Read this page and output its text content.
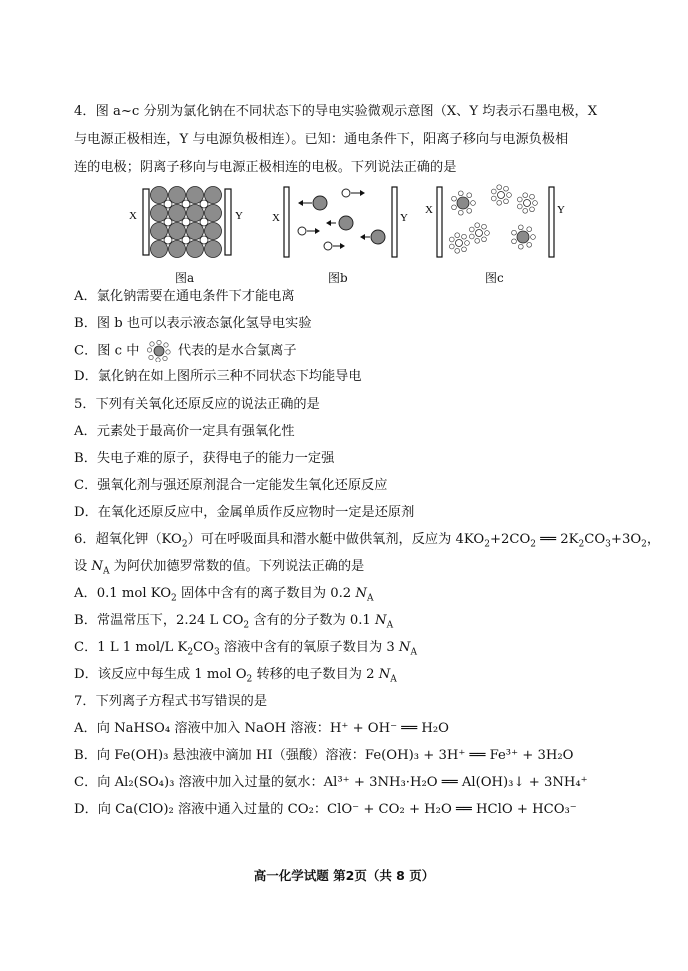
4．图 a~c 分别为氯化钠在不同状态下的导电实验微观示意图（X、Y 均表示石墨电极，X
与电源正极相连，Y 与电源负极相连）。已知：通电条件下，阳离子移向与电源负极相
连的电极；阴离子移向与电源正极相连的电极。下列说法正确的是
X	Y
图a
X	Y
图b
X	Y
图c
A．氯化钠需要在通电条件下才能电离
B．图 b 也可以表示液态氯化氢导电实验
C．图 c 中	代表的是水合氯离子
D．氯化钠在如上图所示三种不同状态下均能导电
5．下列有关氧化还原反应的说法正确的是
A．元素处于最高价一定具有强氧化性
B．失电子难的原子，获得电子的能力一定强
C．强氧化剂与强还原剂混合一定能发生氧化还原反应
D．在氧化还原反应中，金属单质作反应物时一定是还原剂
6．超氧化钾$(KO_2)$可在呼吸面具和潜水艇中做供氧剂，反应为 $4KO_2+2CO_2$ ══ $2K_2CO_3+3O_2$，
设 $N_A$ 为阿伏加德罗常数的值。下列说法正确的是
A．0.1 mol $KO_2$ 固体中含有的离子数目为 0.2 $N_A$
B．常温常压下，2.24 L $CO_2$ 含有的分子数为 0.1 $N_A$
C．1 L 1 mol/L $K_2CO_3$ 溶液中含有的氧原子数目为 3 $N_A$
D．该反应中每生成 1 mol $O_2$ 转移的电子数目为 2 $N_A$
7．下列离子方程式书写错误的是
A．向 NaHSO₄ 溶液中加入 NaOH 溶液：H⁺ + OH⁻ ══ H₂O
B．向 Fe(OH)₃ 悬浊液中滴加 HI（强酸）溶液：Fe(OH)₃ + 3H⁺ ══ Fe³⁺ + 3H₂O
C．向 Al₂(SO₄)₃ 溶液中加入过量的氨水：Al³⁺ + 3NH₃·H₂O ══ Al(OH)₃↓ + 3NH₄⁺
D．向 Ca(ClO)₂ 溶液中通入过量的 CO₂：ClO⁻ + CO₂ + H₂O ══ HClO + HCO₃⁻
高一化学试题 第2页（共 8 页）
